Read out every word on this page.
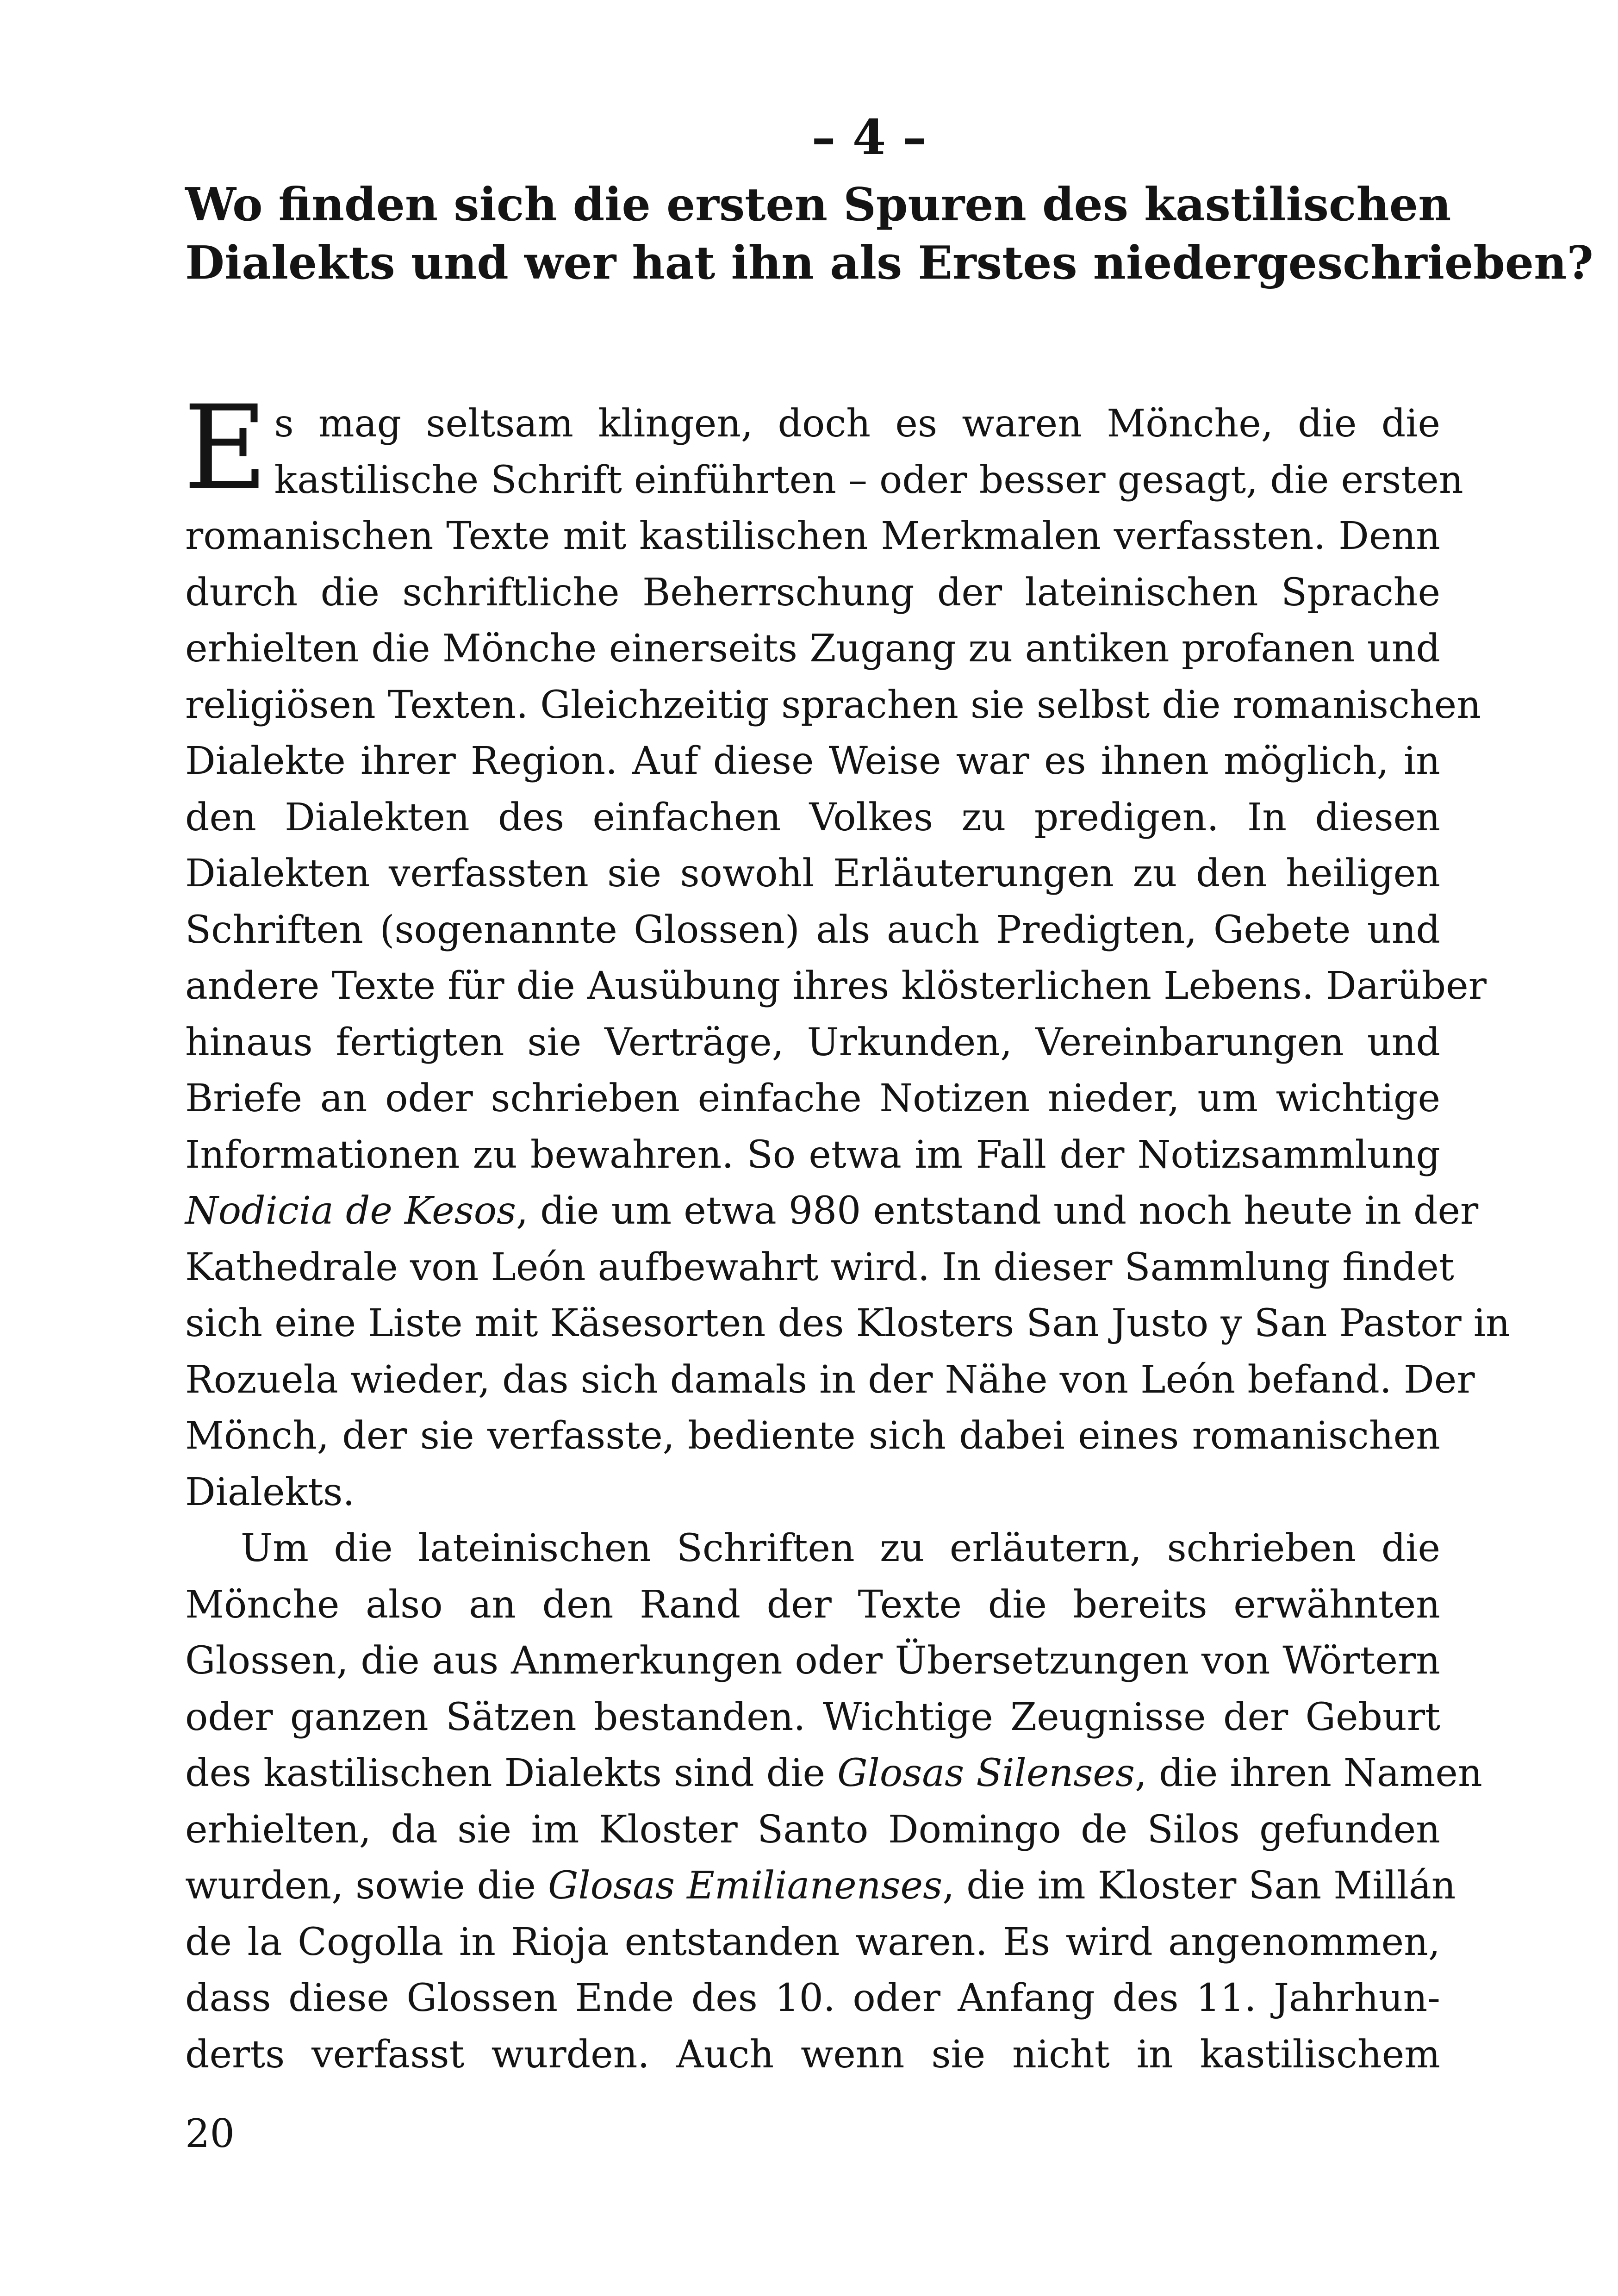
– 4 –
Wo finden sich die ersten Spuren des kastilischen
Dialekts und wer hat ihn als Erstes niedergeschrieben?

E s mag seltsam klingen, doch es waren Mönche, die die
kastilische Schrift einführten – oder besser gesagt, die ersten
romanischen Texte mit kastilischen Merkmalen verfassten. Denn
durch die schriftliche Beherrschung der lateinischen Sprache
erhielten die Mönche einerseits Zugang zu antiken profanen und
religiösen Texten. Gleichzeitig sprachen sie selbst die romanischen
Dialekte ihrer Region. Auf diese Weise war es ihnen möglich, in
den Dialekten des einfachen Volkes zu predigen. In diesen
Dialekten verfassten sie sowohl Erläuterungen zu den heiligen
Schriften (sogenannte Glossen) als auch Predigten, Gebete und
andere Texte für die Ausübung ihres klösterlichen Lebens. Darüber
hinaus fertigten sie Verträge, Urkunden, Vereinbarungen und
Briefe an oder schrieben einfache Notizen nieder, um wichtige
Informationen zu bewahren. So etwa im Fall der Notizsammlung
Nodicia de Kesos, die um etwa 980 entstand und noch heute in der
Kathedrale von León aufbewahrt wird. In dieser Sammlung findet
sich eine Liste mit Käsesorten des Klosters San Justo y San Pastor in
Rozuela wieder, das sich damals in der Nähe von León befand. Der
Mönch, der sie verfasste, bediente sich dabei eines romanischen
Dialekts.

Um die lateinischen Schriften zu erläutern, schrieben die
Mönche also an den Rand der Texte die bereits erwähnten
Glossen, die aus Anmerkungen oder Übersetzungen von Wörtern
oder ganzen Sätzen bestanden. Wichtige Zeugnisse der Geburt
des kastilischen Dialekts sind die Glosas Silenses, die ihren Namen
erhielten, da sie im Kloster Santo Domingo de Silos gefunden
wurden, sowie die Glosas Emilianenses, die im Kloster San Millán
de la Cogolla in Rioja entstanden waren. Es wird angenommen,
dass diese Glossen Ende des 10. oder Anfang des 11. Jahrhun-
derts verfasst wurden. Auch wenn sie nicht in kastilischem

20
